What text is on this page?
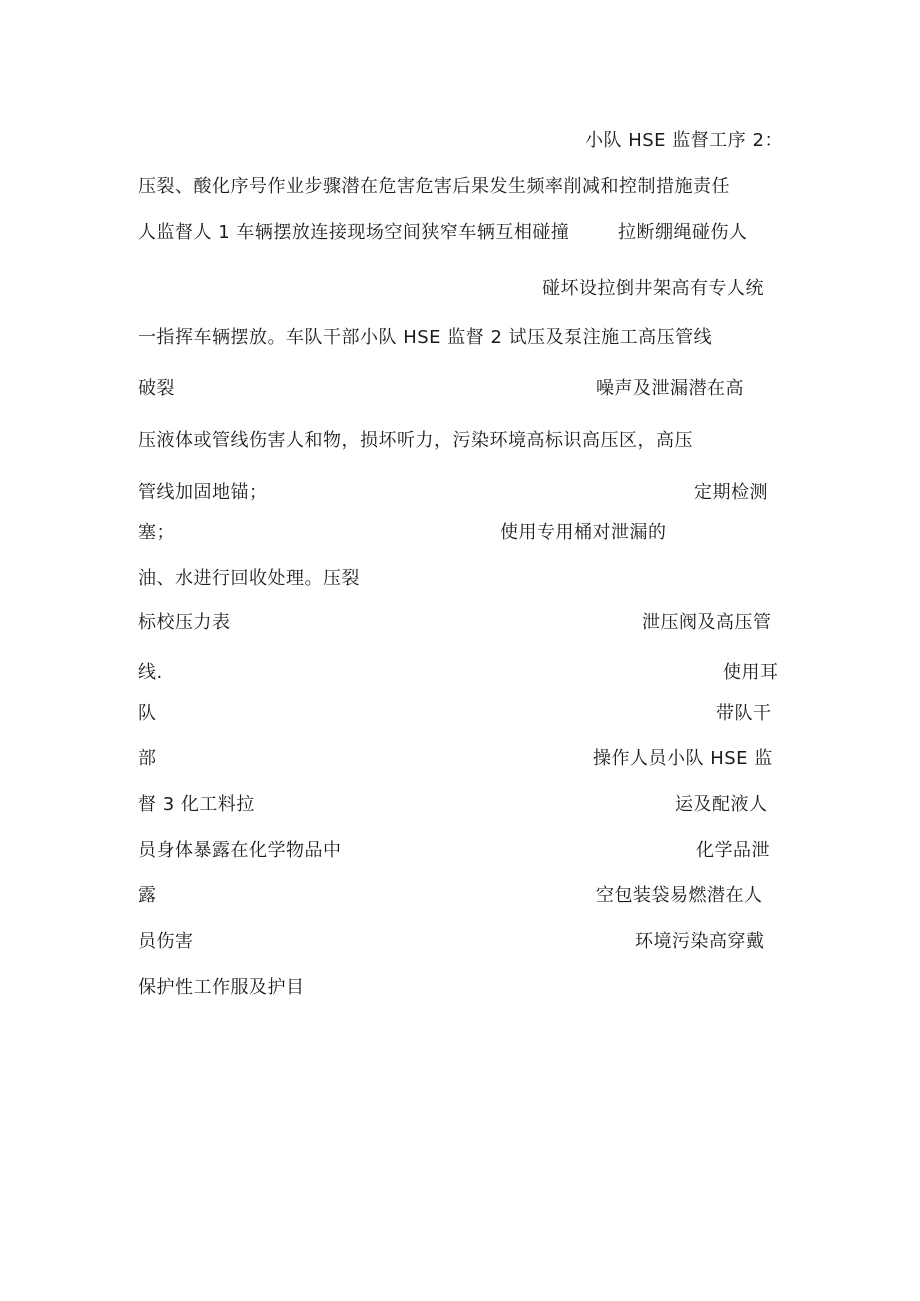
小队 HSE 监督工序 2：
压裂、酸化序号作业步骤潜在危害危害后果发生频率削减和控制措施责任
人监督人 1 车辆摆放连接现场空间狭窄车辆互相碰撞	拉断绷绳碰伤人
碰坏设拉倒井架高有专人统
一指挥车辆摆放。车队干部小队 HSE 监督 2 试压及泵注施工高压管线
破裂	噪声及泄漏潜在高
压液体或管线伤害人和物，损坏听力，污染环境高标识高压区，高压
管线加固地锚；	定期检测
塞；	使用专用桶对泄漏的
油、水进行回收处理。压裂
标校压力表	泄压阀及高压管
线.	使用耳
队	带队干
部	操作人员小队 HSE 监
督 3 化工料拉	运及配液人
员身体暴露在化学物品中	化学品泄
露	空包装袋易燃潜在人
员伤害	环境污染高穿戴
保护性工作服及护目
